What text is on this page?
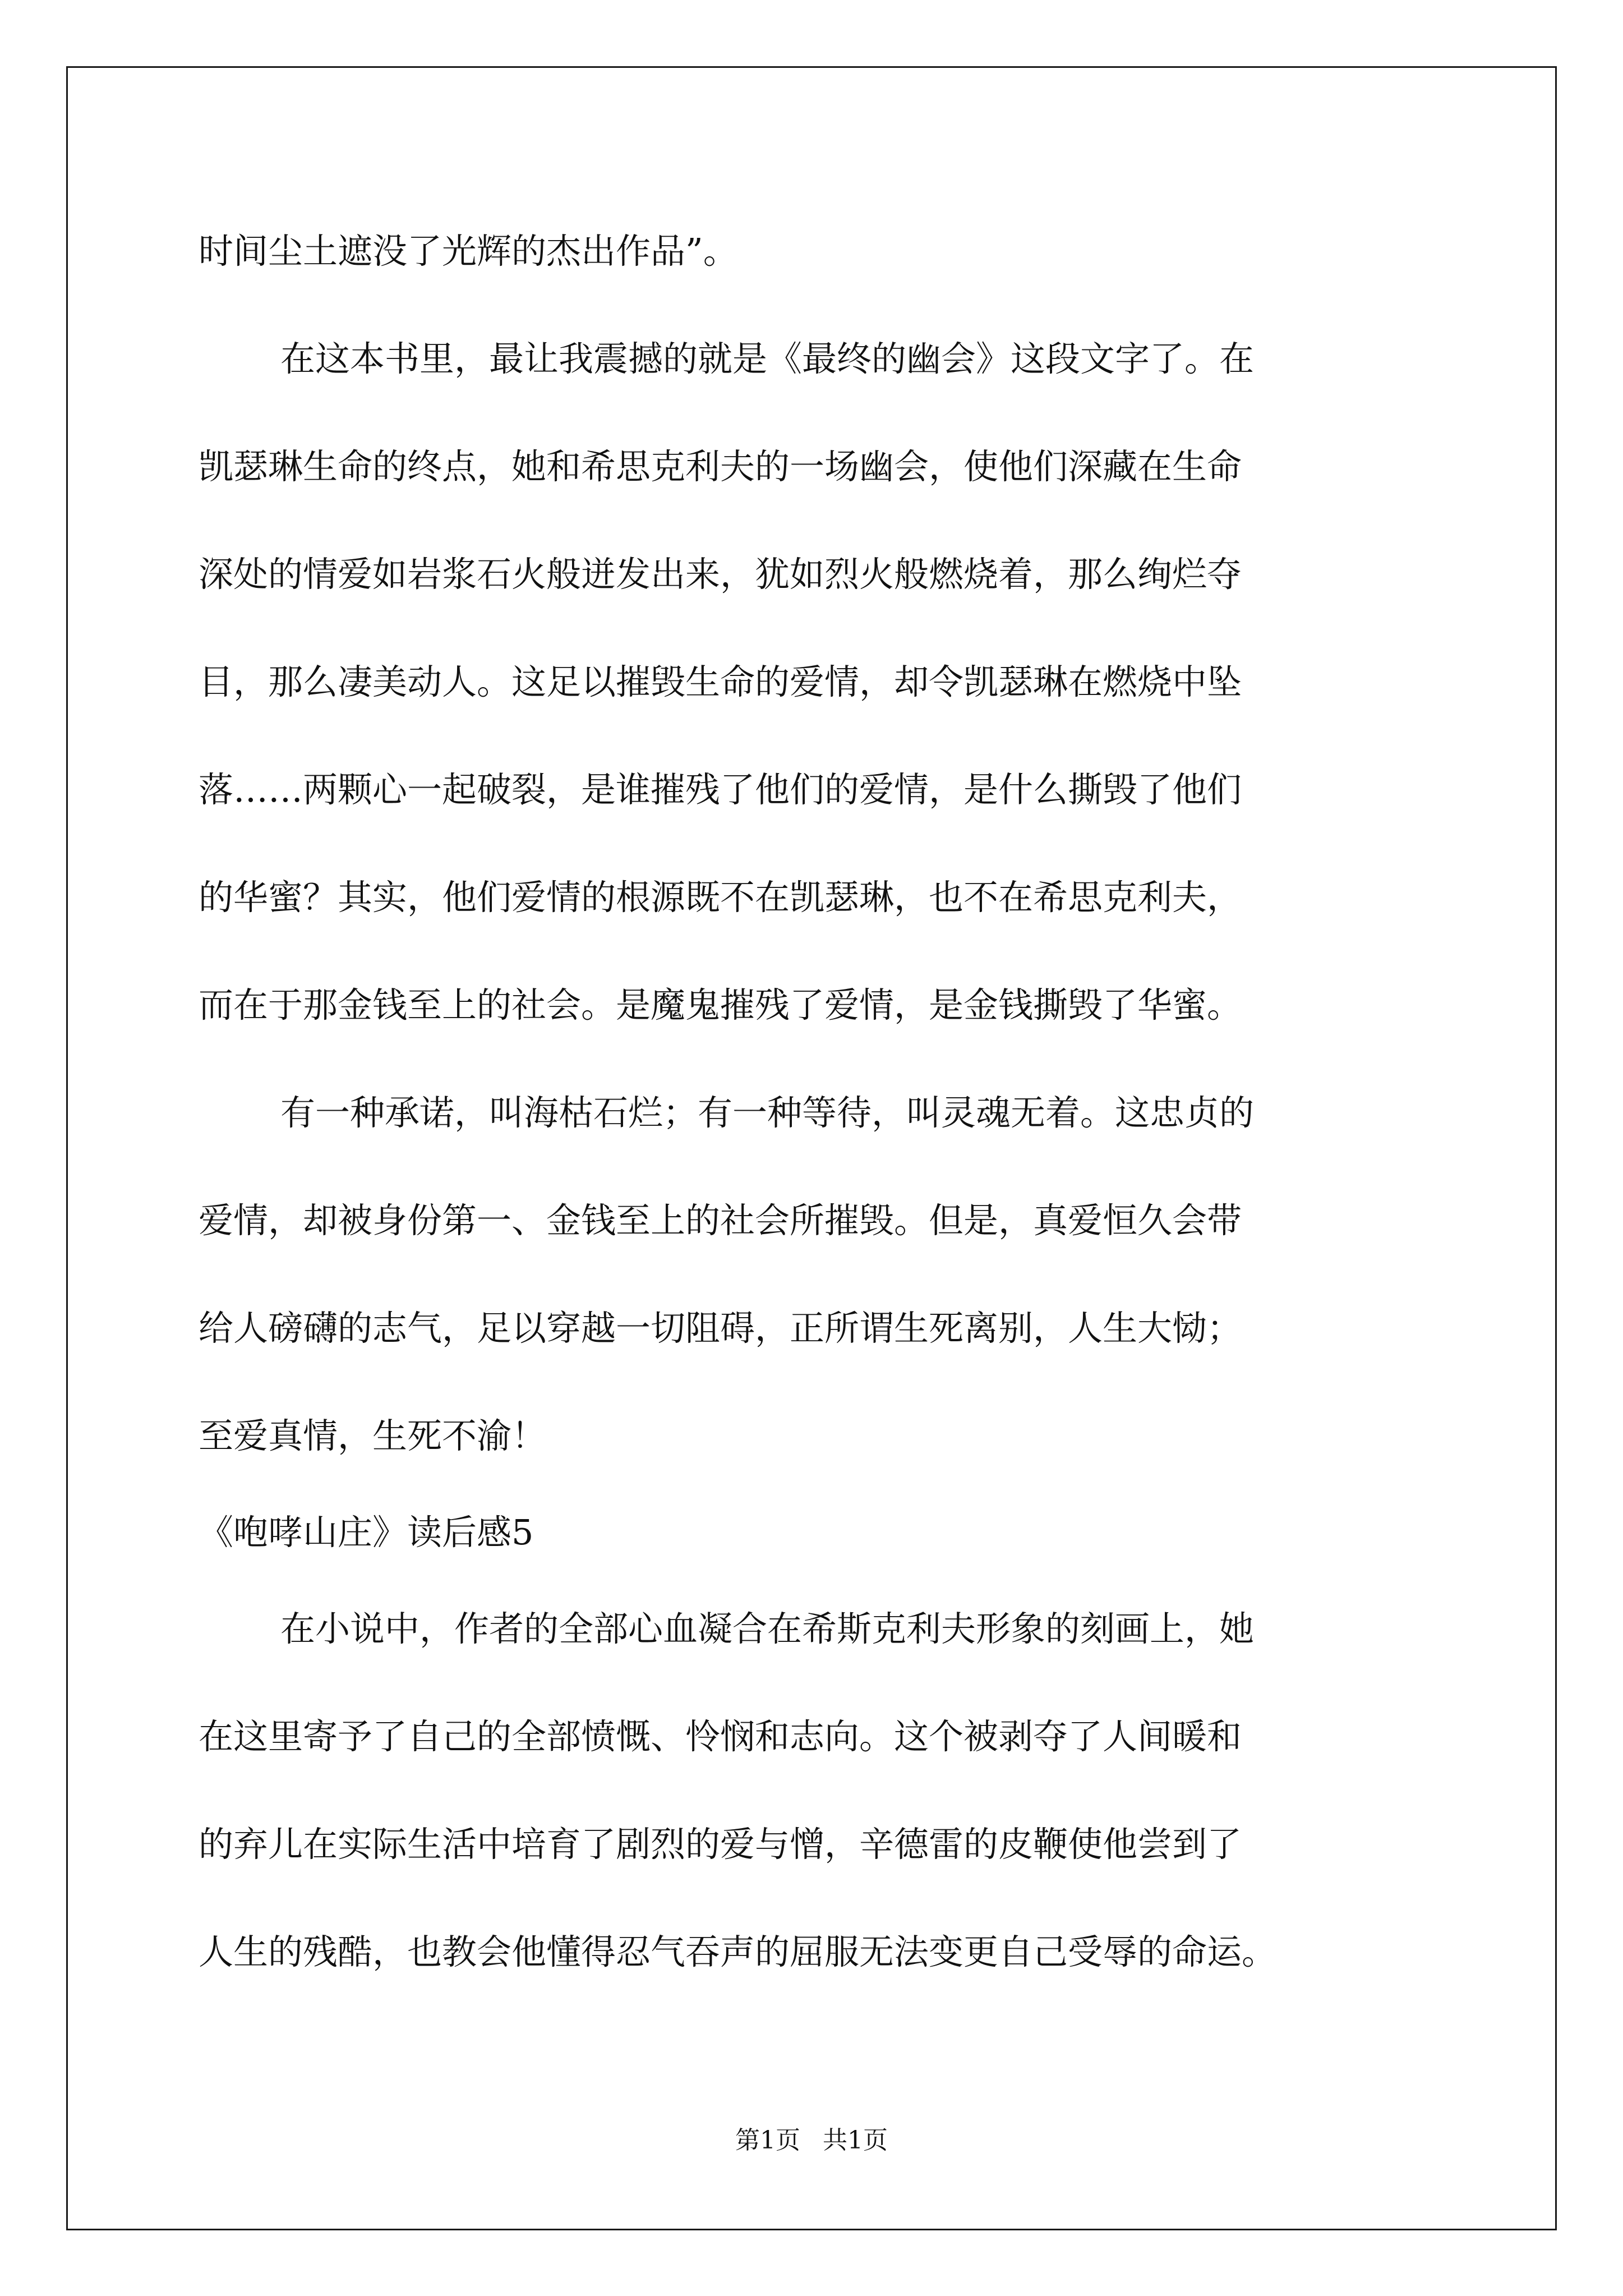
时间尘土遮没了光辉的杰出作品”。

在这本书里，最让我震撼的就是《最终的幽会》这段文字了。在

凯瑟琳生命的终点，她和希思克利夫的一场幽会，使他们深藏在生命

深处的情爱如岩浆石火般迸发出来，犹如烈火般燃烧着，那么绚烂夺

目，那么凄美动人。这足以摧毁生命的爱情，却令凯瑟琳在燃烧中坠

落……两颗心一起破裂，是谁摧残了他们的爱情，是什么撕毁了他们

的华蜜？其实，他们爱情的根源既不在凯瑟琳，也不在希思克利夫，

而在于那金钱至上的社会。是魔鬼摧残了爱情，是金钱撕毁了华蜜。

有一种承诺，叫海枯石烂；有一种等待，叫灵魂无着。这忠贞的

爱情，却被身份第一、金钱至上的社会所摧毁。但是，真爱恒久会带

给人磅礴的志气，足以穿越一切阻碍，正所谓生死离别，人生大恸；

至爱真情，生死不渝！

《咆哮山庄》读后感5

在小说中，作者的全部心血凝合在希斯克利夫形象的刻画上，她

在这里寄予了自己的全部愤慨、怜悯和志向。这个被剥夺了人间暖和

的弃儿在实际生活中培育了剧烈的爱与憎，辛德雷的皮鞭使他尝到了

人生的残酷，也教会他懂得忍气吞声的屈服无法变更自己受辱的命运。

第1页 共1页
